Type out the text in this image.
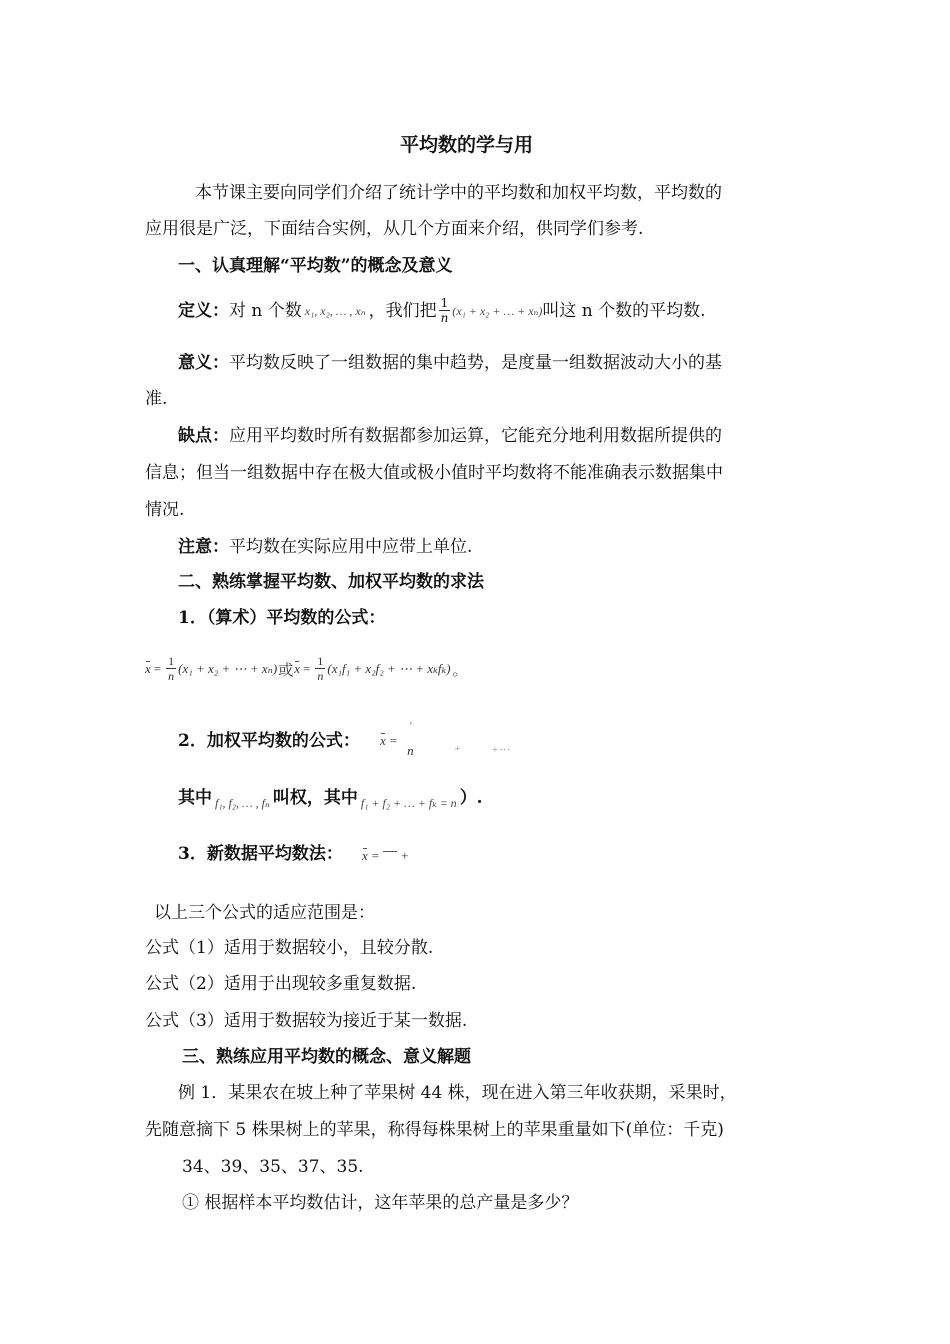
平均数的学与用
本节课主要向同学们介绍了统计学中的平均数和加权平均数，平均数的
应用很是广泛，下面结合实例，从几个方面来介绍，供同学们参考.
一、认真理解“平均数”的概念及意义
定义： 对 n 个数 x₁, x₂, … , xₙ ，我们把 $\frac{1}{n} (x_1 + x_2$ + … + xₙ) 叫这 n 个数的平均数.
意义：平均数反映了一组数据的集中趋势，是度量一组数据波动大小的基
准.
缺点：应用平均数时所有数据都参加运算，它能充分地利用数据所提供的
信息；但当一组数据中存在极大值或极小值时平均数将不能准确表示数据集中
情况.
注意：平均数在实际应用中应带上单位.
二、熟练掌握平均数、加权平均数的求法
1．（算术）平均数的公式：
$x = \frac{1}{n} (x_1 + x_2$ + ⋯ + xₙ) 或 $x = \frac{1}{n} (x_1f_1 + x_2f_2$ + ⋯ + xₖfₖ) 。
2．加权平均数的公式： x =
'
n	+	+⋯
其中 f₁, f₂, … , fₙ 叫权，其中 f₁ + f₂ + … + fₖ = n ）.
3．新数据平均数法： x = +
以上三个公式的适应范围是：
公式（1）适用于数据较小，且较分散.
公式（2）适用于出现较多重复数据.
公式（3）适用于数据较为接近于某一数据.
三、熟练应用平均数的概念、意义解题
例 1．某果农在坡上种了苹果树 44 株，现在进入第三年收获期，采果时，
先随意摘下 5 株果树上的苹果，称得每株果树上的苹果重量如下(单位：千克)
34、39、35、37、35.
① 根据样本平均数估计，这年苹果的总产量是多少？
